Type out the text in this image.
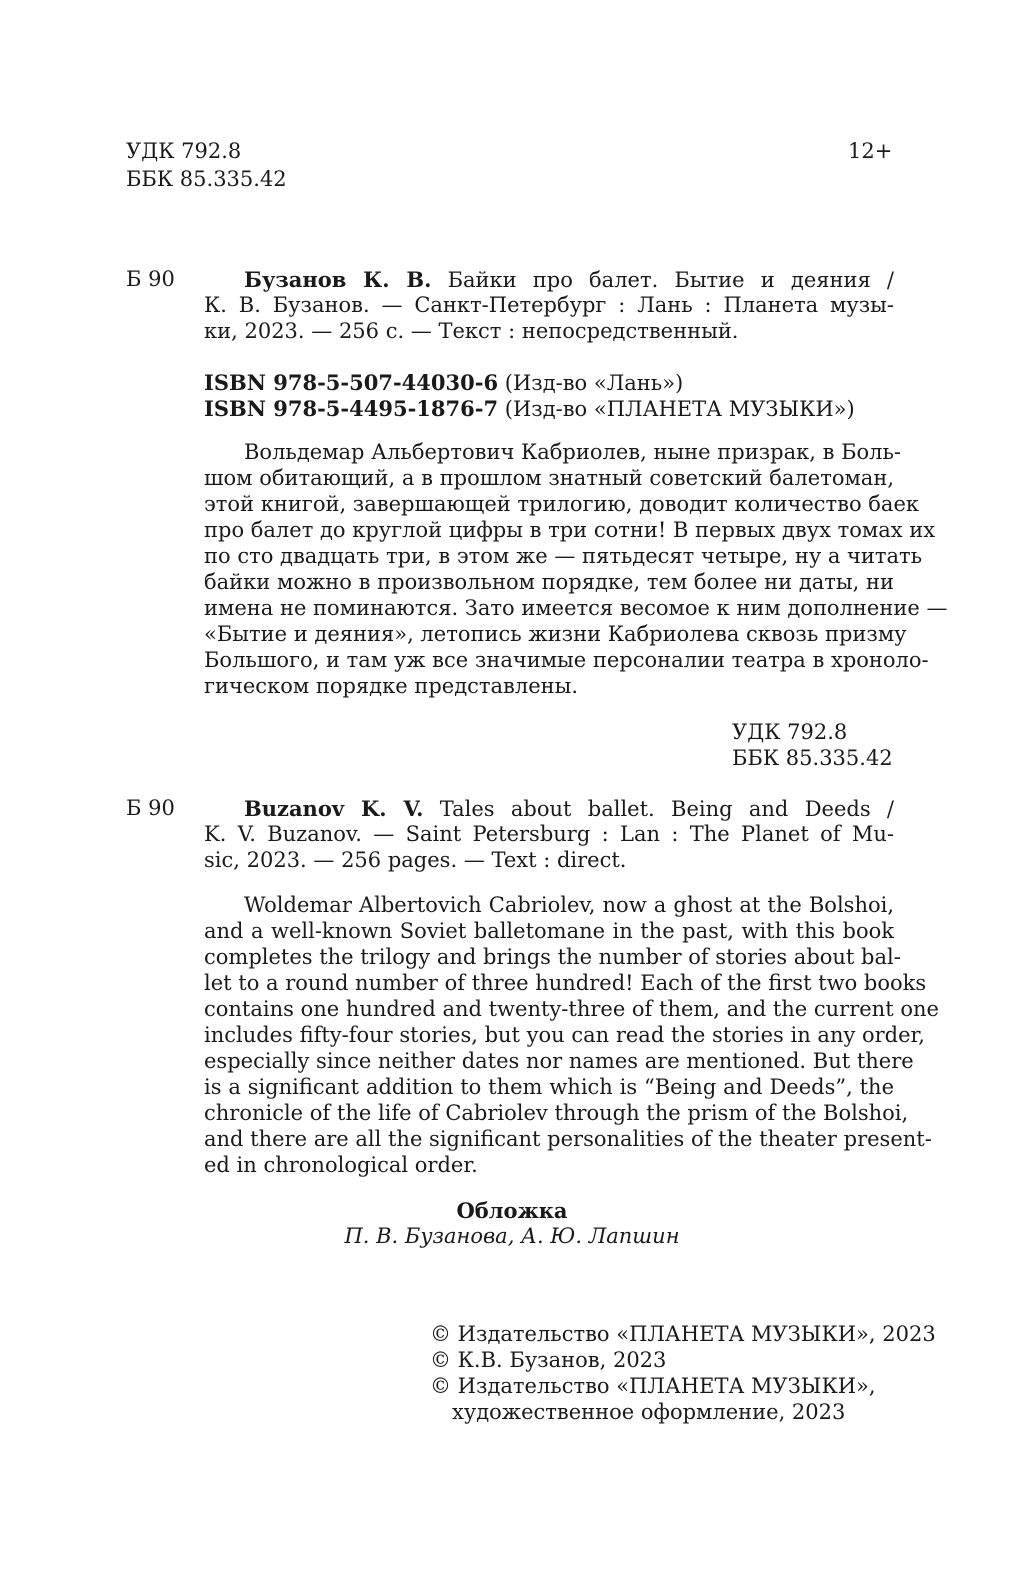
УДК 792.8
ББК 85.335.42
12+
Б 90	Бузанов К. В. Байки про балет. Бытие и деяния /
К. В. Бузанов. — Санкт-Петербург : Лань : Планета музы-
ки, 2023. — 256 с. — Текст : непосредственный.
ISBN 978-5-507-44030-6 (Изд-во «Лань»)
ISBN 978-5-4495-1876-7 (Изд-во «ПЛАНЕТА МУЗЫКИ»)
Вольдемар Альбертович Кабриолев, ныне призрак, в Боль-
шом обитающий, а в прошлом знатный советский балетоман,
этой книгой, завершающей трилогию, доводит количество баек
про балет до круглой цифры в три сотни! В первых двух томах их
по сто двадцать три, в этом же — пятьдесят четыре, ну а читать
байки можно в произвольном порядке, тем более ни даты, ни
имена не поминаются. Зато имеется весомое к ним дополнение —
«Бытие и деяния», летопись жизни Кабриолева сквозь призму
Большого, и там уж все значимые персоналии театра в хроноло-
гическом порядке представлены.
УДК 792.8
ББК 85.335.42
Б 90	Buzanov K. V. Tales about ballet. Being and Deeds /
K. V. Buzanov. — Saint Petersburg : Lan : The Planet of Mu-
sic, 2023. — 256 pages. — Text : direct.
Woldemar Albertovich Cabriolev, now a ghost at the Bolshoi,
and a well-known Soviet balletomane in the past, with this book
completes the trilogy and brings the number of stories about bal-
let to a round number of three hundred! Each of the first two books
contains one hundred and twenty-three of them, and the current one
includes fifty-four stories, but you can read the stories in any order,
especially since neither dates nor names are mentioned. But there
is a significant addition to them which is “Being and Deeds”, the
chronicle of the life of Cabriolev through the prism of the Bolshoi,
and there are all the significant personalities of the theater present-
ed in chronological order.
Обложка
П. В. Бузанова, А. Ю. Лапшин
© Издательство «ПЛАНЕТА МУЗЫКИ», 2023
© К.В. Бузанов, 2023
© Издательство «ПЛАНЕТА МУЗЫКИ»,
художественное оформление, 2023
